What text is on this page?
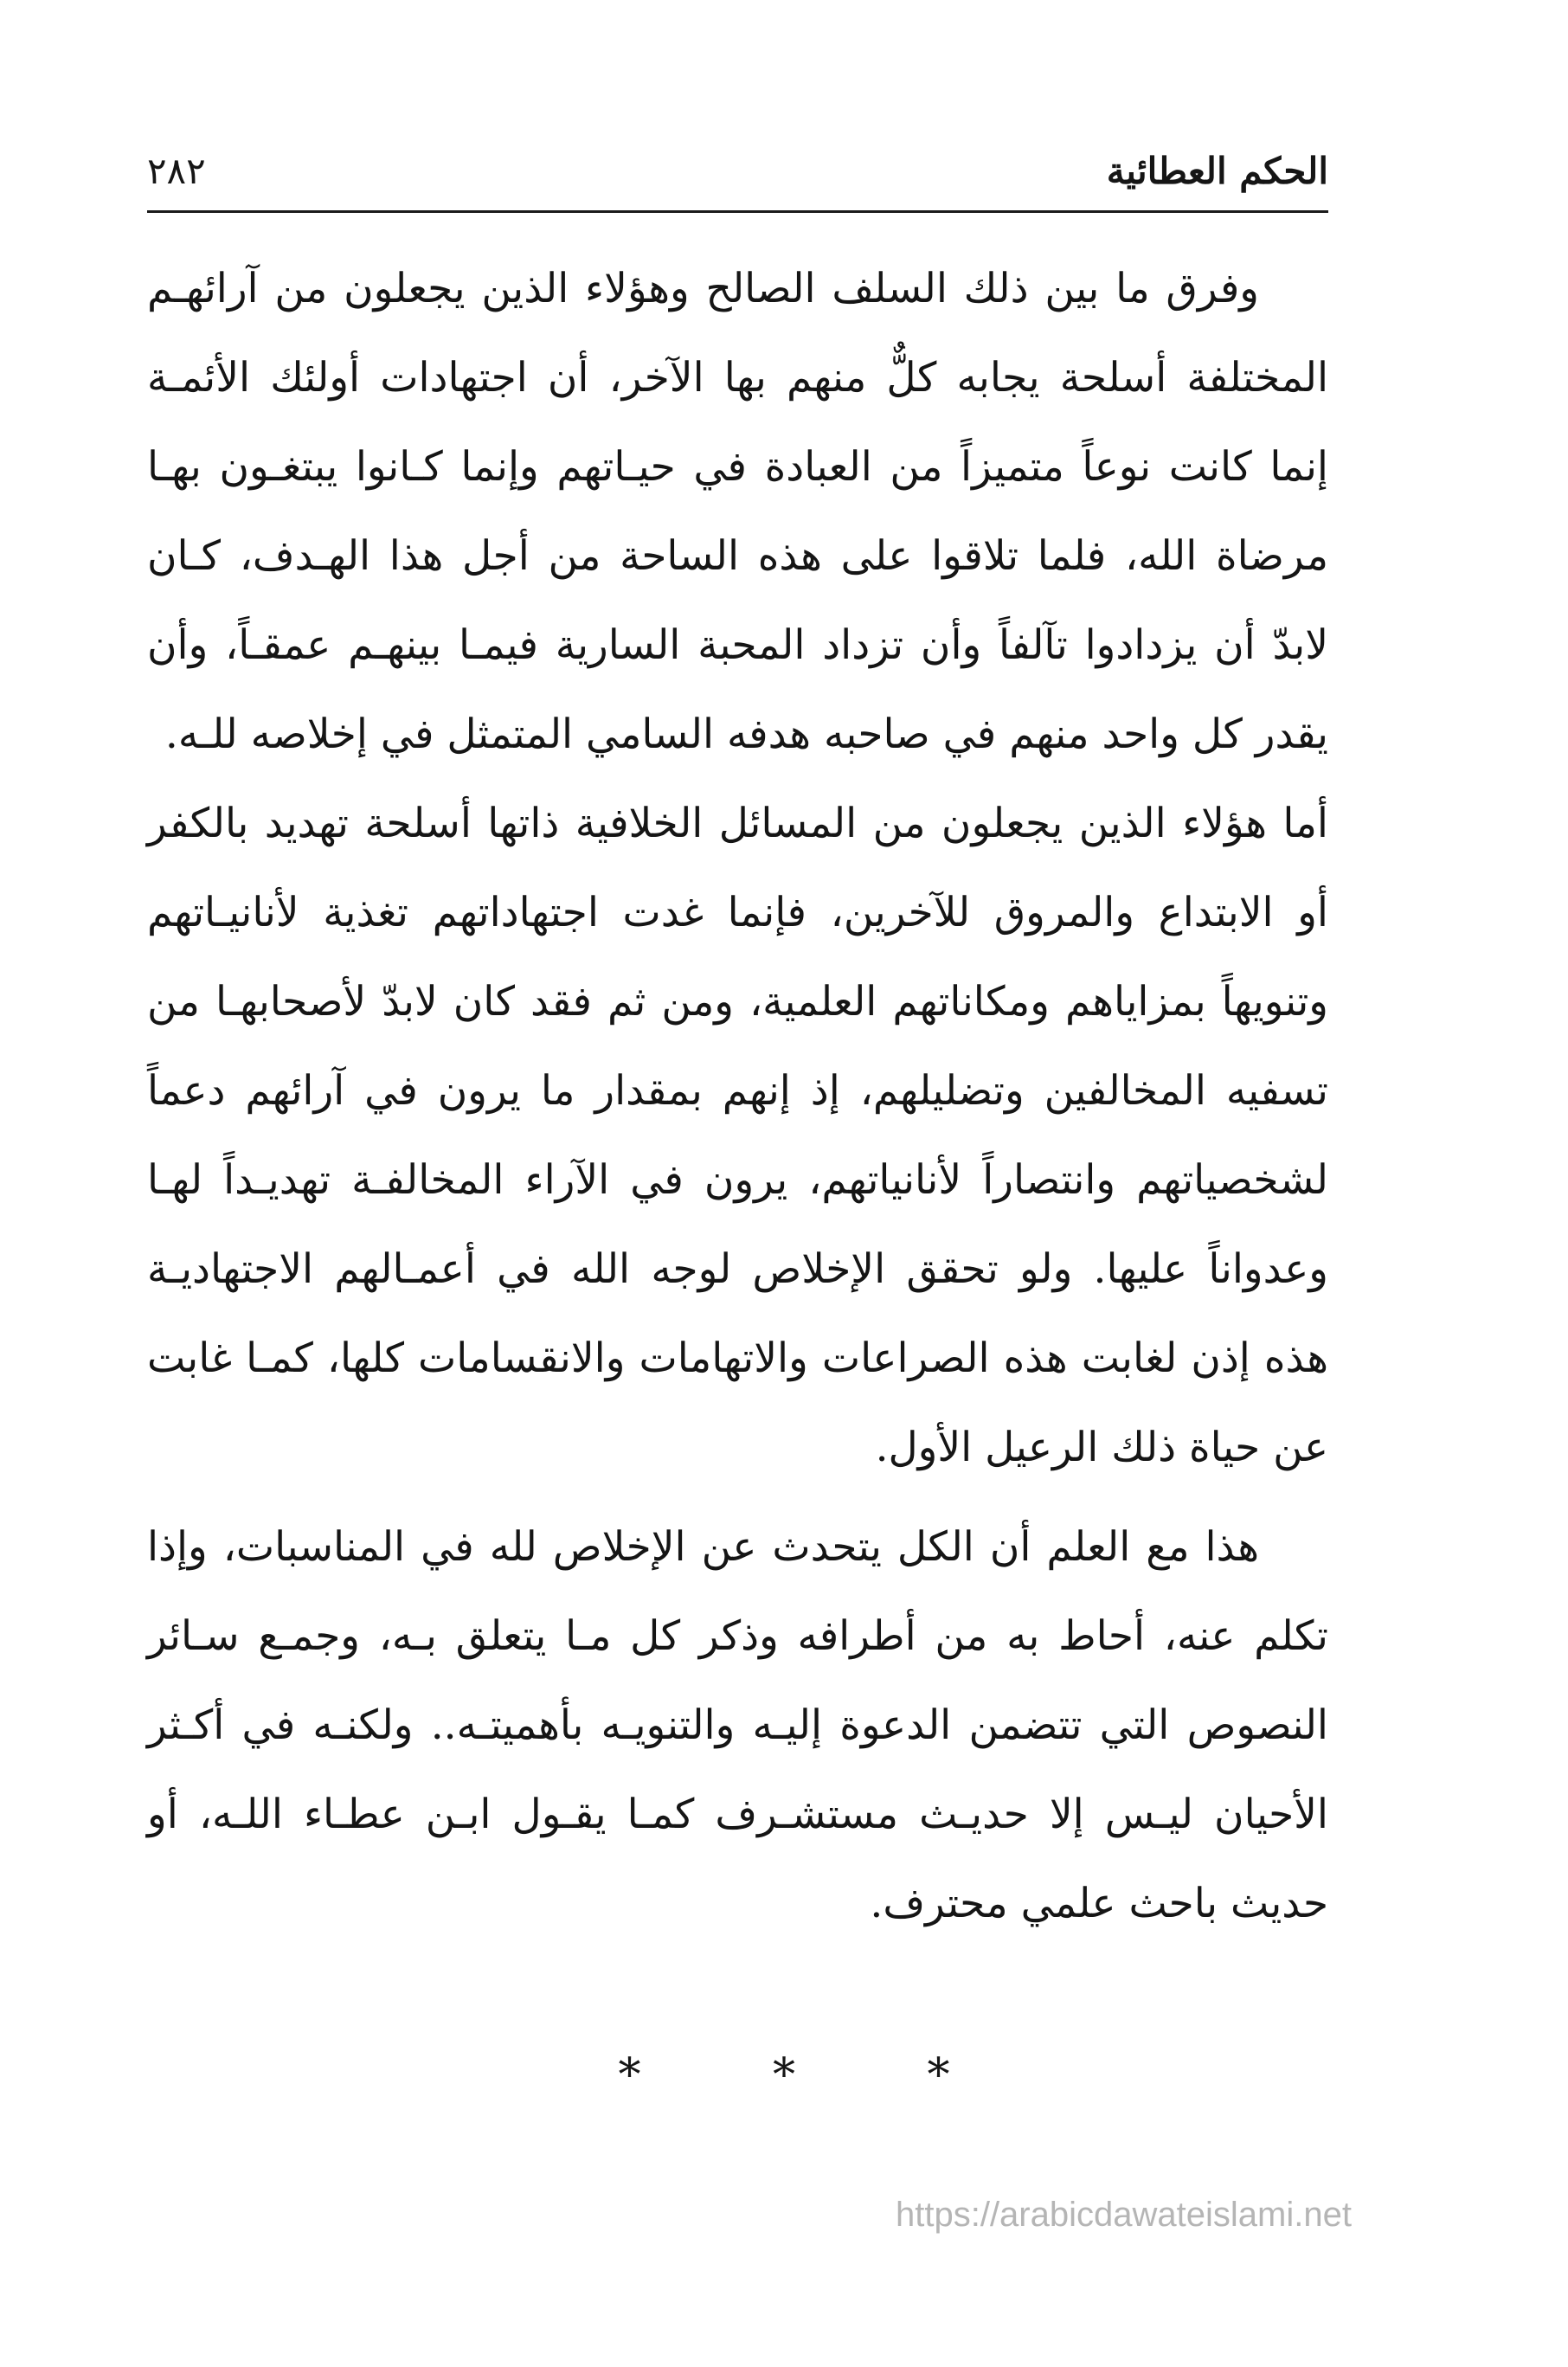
الحكم العطائية
٢٨٢

وفرق ما بين ذلك السلف الصالح وهؤلاء الذين يجعلون من آرائهـم المختلفة أسلحة يجابه كلٌّ منهم بها الآخر، أن اجتهادات أولئك الأئمـة إنما كانت نوعاً متميزاً من العبادة في حيـاتهم وإنما كـانوا يبتغـون بهـا مرضاة الله، فلما تلاقوا على هذه الساحة من أجل هذا الهـدف، كـان لابدّ أن يزدادوا تآلفاً وأن تزداد المحبة السارية فيمـا بينهـم عمقـاً، وأن يقدر كل واحد منهم في صاحبه هدفه السامي المتمثل في إخلاصه للـه.

أما هؤلاء الذين يجعلون من المسائل الخلافية ذاتها أسلحة تهديد بالكفر أو الابتداع والمروق للآخرين، فإنما غدت اجتهاداتهم تغذية لأنانيـاتهم وتنويهاً بمزاياهم ومكاناتهم العلمية، ومن ثم فقد كان لابدّ لأصحابهـا من تسفيه المخالفين وتضليلهم، إذ إنهم بمقدار ما يرون في آرائهم دعماً لشخصياتهم وانتصاراً لأنانياتهم، يرون في الآراء المخالفـة تهديـداً لهـا وعدواناً عليها. ولو تحقق الإخلاص لوجه الله في أعمـالهم الاجتهاديـة هذه إذن لغابت هذه الصراعات والاتهامات والانقسامات كلها، كمـا غابت عن حياة ذلك الرعيل الأول.

هذا مع العلم أن الكل يتحدث عن الإخلاص لله في المناسبات، وإذا تكلم عنه، أحاط به من أطرافه وذكر كل مـا يتعلق بـه، وجمـع سـائر النصوص التي تتضمن الدعوة إليـه والتنويـه بأهميتـه.. ولكنـه في أكـثر الأحيان ليـس إلا حديـث مستشـرف كمـا يقـول ابـن عطـاء اللـه، أو حديث باحث علمي محترف.

*	*	*
https://arabicdawateislami.net
